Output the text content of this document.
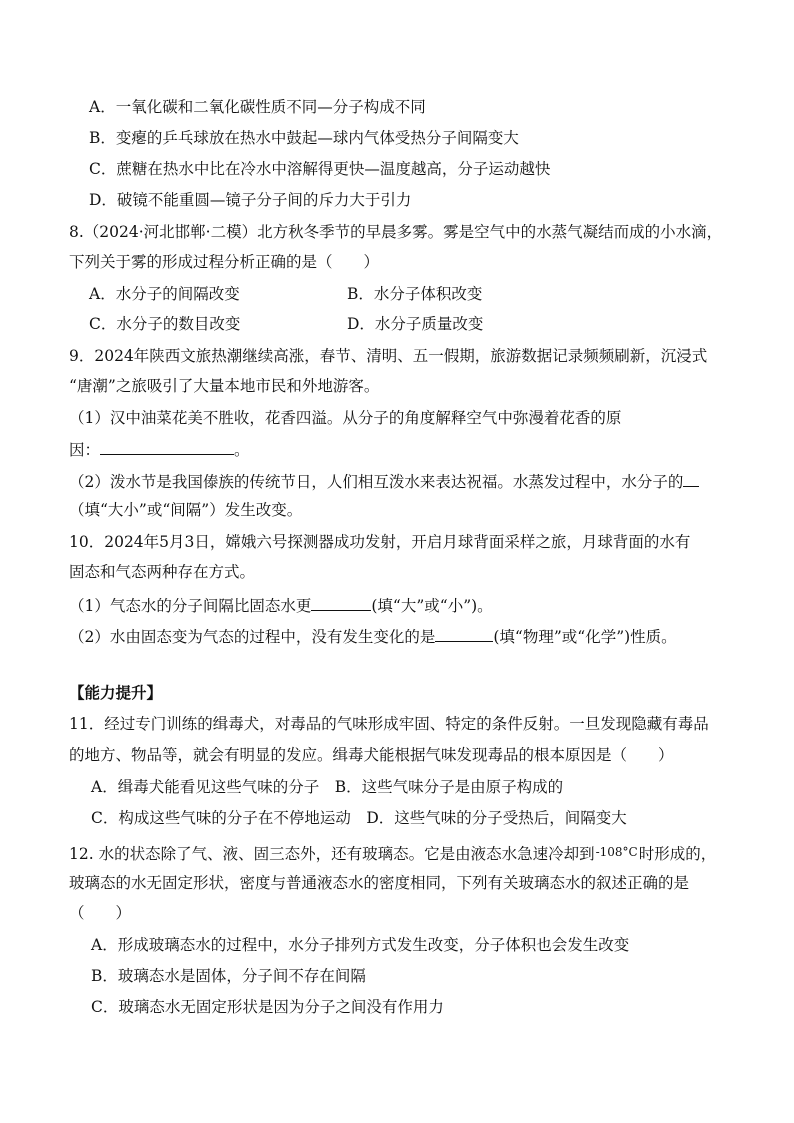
A．一氧化碳和二氧化碳性质不同—分子构成不同
B．变瘪的乒乓球放在热水中鼓起—球内气体受热分子间隔变大
C．蔗糖在热水中比在冷水中溶解得更快—温度越高，分子运动越快
D．破镜不能重圆—镜子分子间的斥力大于引力
8.（2024·河北邯郸·二模）北方秋冬季节的早晨多雾。雾是空气中的水蒸气凝结而成的小水滴，
下列关于雾的形成过程分析正确的是（　　）
A．水分子的间隔改变	B．水分子体积改变
C．水分子的数目改变	D．水分子质量改变
9．2024年陕西文旅热潮继续高涨，春节、清明、五一假期，旅游数据记录频频刷新，沉浸式
“唐潮”之旅吸引了大量本地市民和外地游客。
（1）汉中油菜花美不胜收，花香四溢。从分子的角度解释空气中弥漫着花香的原
因：	。
（2）泼水节是我国傣族的传统节日，人们相互泼水来表达祝福。水蒸发过程中，水分子的
（填“大小”或“间隔”）发生改变。
10．2024年5月3日，嫦娥六号探测器成功发射，开启月球背面采样之旅，月球背面的水有
固态和气态两种存在方式。
（1）气态水的分子间隔比固态水更	(填“大”或“小”)。
（2）水由固态变为气态的过程中，没有发生变化的是	(填“物理”或“化学”)性质。
【能力提升】
11．经过专门训练的缉毒犬，对毒品的气味形成牢固、特定的条件反射。一旦发现隐藏有毒品
的地方、物品等，就会有明显的发应。缉毒犬能根据气味发现毒品的根本原因是（　　）
A．缉毒犬能看见这些气味的分子　B．这些气味分子是由原子构成的
C．构成这些气味的分子在不停地运动　D．这些气味的分子受热后，间隔变大
12. 水的状态除了气、液、固三态外，还有玻璃态。它是由液态水急速冷却到-108°C时形成的，
玻璃态的水无固定形状，密度与普通液态水的密度相同，下列有关玻璃态水的叙述正确的是
（　　）
A．形成玻璃态水的过程中，水分子排列方式发生改变，分子体积也会发生改变
B．玻璃态水是固体，分子间不存在间隔
C．玻璃态水无固定形状是因为分子之间没有作用力
